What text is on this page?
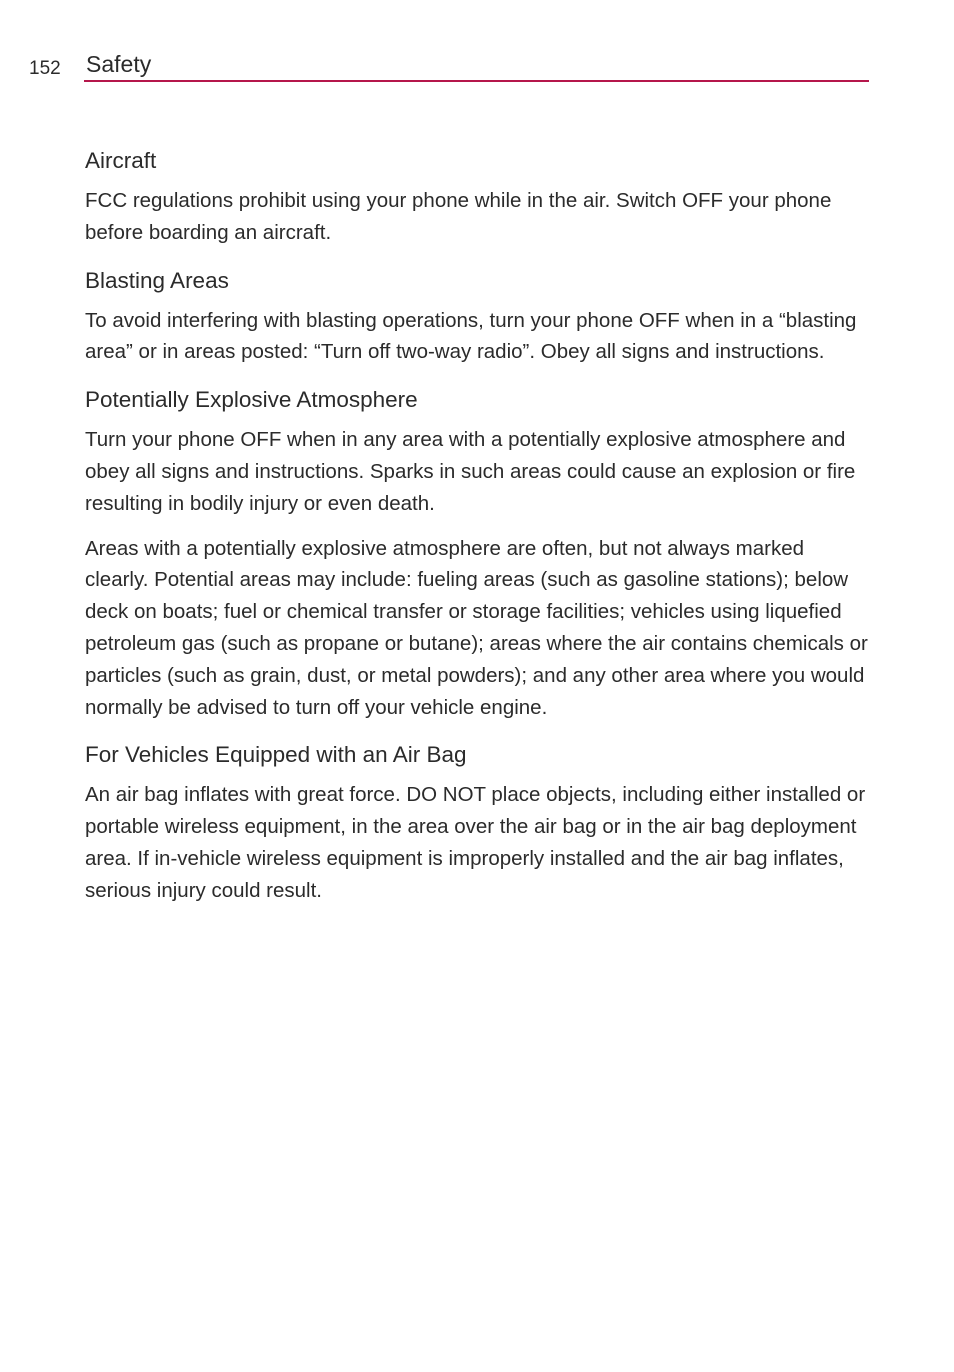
152 Safety
Aircraft

FCC regulations prohibit using your phone while in the air. Switch OFF your phone before boarding an aircraft.

Blasting Areas

To avoid interfering with blasting operations, turn your phone OFF when in a “blasting area” or in areas posted: “Turn off two-way radio”. Obey all signs and instructions.

Potentially Explosive Atmosphere

Turn your phone OFF when in any area with a potentially explosive atmosphere and obey all signs and instructions. Sparks in such areas could cause an explosion or fire resulting in bodily injury or even death.

Areas with a potentially explosive atmosphere are often, but not always marked clearly. Potential areas may include: fueling areas (such as gasoline stations); below deck on boats; fuel or chemical transfer or storage facilities; vehicles using liquefied petroleum gas (such as propane or butane); areas where the air contains chemicals or particles (such as grain, dust, or metal powders); and any other area where you would normally be advised to turn off your vehicle engine.

For Vehicles Equipped with an Air Bag

An air bag inflates with great force. DO NOT place objects, including either installed or portable wireless equipment, in the area over the air bag or in the air bag deployment area. If in-vehicle wireless equipment is improperly installed and the air bag inflates, serious injury could result.
